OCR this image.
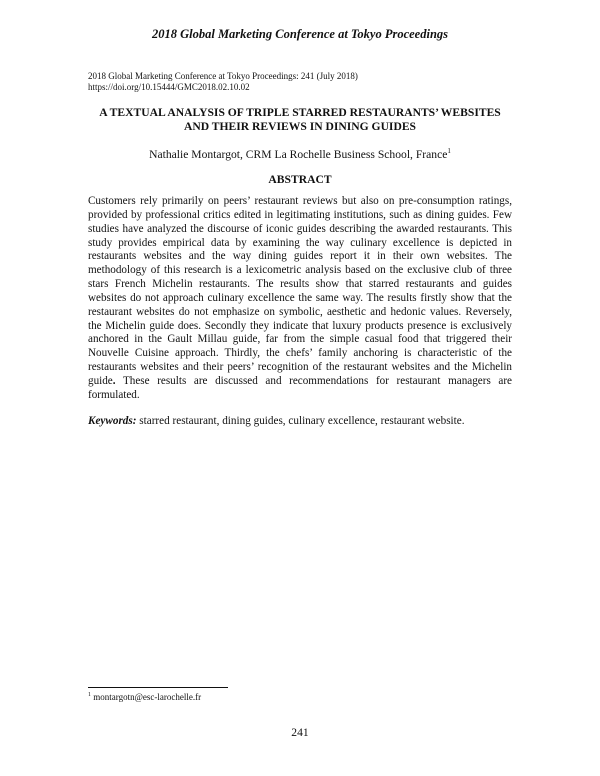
2018 Global Marketing Conference at Tokyo Proceedings
2018 Global Marketing Conference at Tokyo Proceedings: 241 (July 2018)
https://doi.org/10.15444/GMC2018.02.10.02
A TEXTUAL ANALYSIS OF TRIPLE STARRED RESTAURANTS’ WEBSITES
AND THEIR REVIEWS IN DINING GUIDES
Nathalie Montargot, CRM La Rochelle Business School, France$^1$
ABSTRACT

Customers rely primarily on peers’ restaurant reviews but also on pre-consumption ratings, provided by professional critics edited in legitimating institutions, such as dining guides. Few studies have analyzed the discourse of iconic guides describing the awarded restaurants. This study provides empirical data by examining the way culinary excellence is depicted in restaurants websites and the way dining guides report it in their own websites. The methodology of this research is a lexicometric analysis based on the exclusive club of three stars French Michelin restaurants. The results show that starred restaurants and guides websites do not approach culinary excellence the same way. The results firstly show that the restaurant websites do not emphasize on symbolic, aesthetic and hedonic values. Reversely, the Michelin guide does. Secondly they indicate that luxury products presence is exclusively anchored in the Gault Millau guide, far from the simple casual food that triggered their Nouvelle Cuisine approach. Thirdly, the chefs’ family anchoring is characteristic of the restaurants websites and their peers’ recognition of the restaurant websites and the Michelin guide. These results are discussed and recommendations for restaurant managers are formulated.

Keywords: starred restaurant, dining guides, culinary excellence, restaurant website.
$^1$ montargotn@esc-larochelle.fr
241
